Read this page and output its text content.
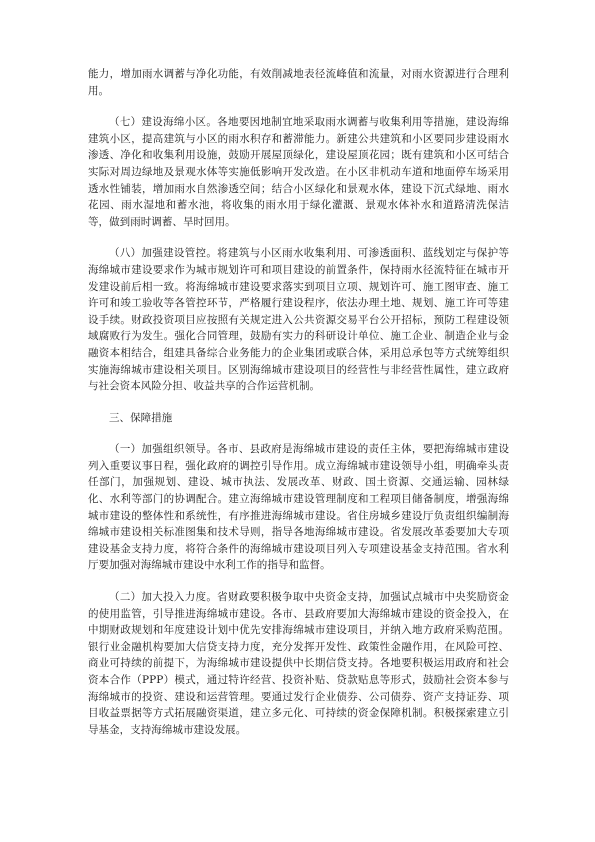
能力，增加雨水调蓄与净化功能，有效削减地表径流峰值和流量，对雨水资源进行合理利用。

（七）建设海绵小区。各地要因地制宜地采取雨水调蓄与收集利用等措施，建设海绵建筑小区，提高建筑与小区的雨水积存和蓄滞能力。新建公共建筑和小区要同步建设雨水渗透、净化和收集利用设施，鼓励开展屋顶绿化，建设屋顶花园；既有建筑和小区可结合实际对周边绿地及景观水体等实施低影响开发改造。在小区非机动车道和地面停车场采用透水性铺装，增加雨水自然渗透空间；结合小区绿化和景观水体，建设下沉式绿地、雨水花园、雨水湿地和蓄水池，将收集的雨水用于绿化灌溉、景观水体补水和道路清洗保洁等，做到雨时调蓄、旱时回用。

（八）加强建设管控。将建筑与小区雨水收集利用、可渗透面积、蓝线划定与保护等海绵城市建设要求作为城市规划许可和项目建设的前置条件，保持雨水径流特征在城市开发建设前后相一致。将海绵城市建设要求落实到项目立项、规划许可、施工图审查、施工许可和竣工验收等各管控环节，严格履行建设程序，依法办理土地、规划、施工许可等建设手续。财政投资项目应按照有关规定进入公共资源交易平台公开招标，预防工程建设领域腐败行为发生。强化合同管理，鼓励有实力的科研设计单位、施工企业、制造企业与金融资本相结合，组建具备综合业务能力的企业集团或联合体，采用总承包等方式统筹组织实施海绵城市建设相关项目。区别海绵城市建设项目的经营性与非经营性属性，建立政府与社会资本风险分担、收益共享的合作运营机制。

三、保障措施

（一）加强组织领导。各市、县政府是海绵城市建设的责任主体，要把海绵城市建设列入重要议事日程，强化政府的调控引导作用。成立海绵城市建设领导小组，明确牵头责任部门，加强规划、建设、城市执法、发展改革、财政、国土资源、交通运输、园林绿化、水利等部门的协调配合。建立海绵城市建设管理制度和工程项目储备制度，增强海绵城市建设的整体性和系统性，有序推进海绵城市建设。省住房城乡建设厅负责组织编制海绵城市建设相关标准图集和技术导则，指导各地海绵城市建设。省发展改革委要加大专项建设基金支持力度，将符合条件的海绵城市建设项目列入专项建设基金支持范围。省水利厅要加强对海绵城市建设中水利工作的指导和监督。

（二）加大投入力度。省财政要积极争取中央资金支持，加强试点城市中央奖励资金的使用监管，引导推进海绵城市建设。各市、县政府要加大海绵城市建设的资金投入，在中期财政规划和年度建设计划中优先安排海绵城市建设项目，并纳入地方政府采购范围。银行业金融机构要加大信贷支持力度，充分发挥开发性、政策性金融作用，在风险可控、商业可持续的前提下，为海绵城市建设提供中长期信贷支持。各地要积极运用政府和社会资本合作（PPP）模式，通过特许经营、投资补贴、贷款贴息等形式，鼓励社会资本参与海绵城市的投资、建设和运营管理。要通过发行企业债券、公司债券、资产支持证券、项目收益票据等方式拓展融资渠道，建立多元化、可持续的资金保障机制。积极探索建立引导基金，支持海绵城市建设发展。
